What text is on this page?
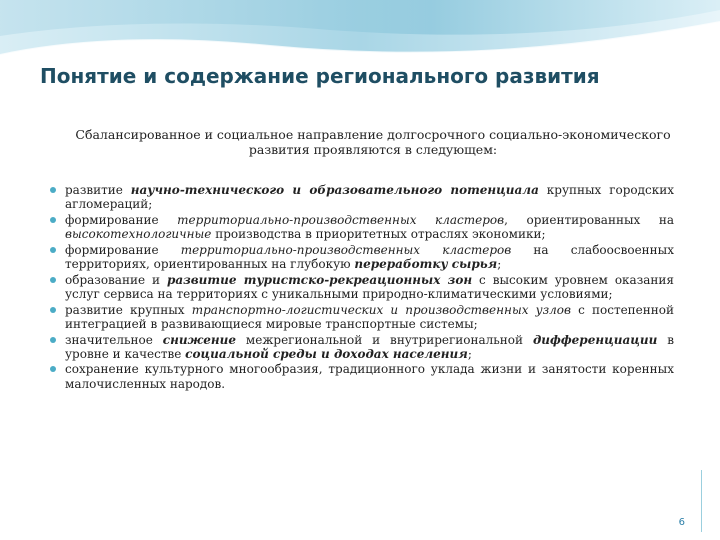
Понятие и содержание регионального развития
Сбалансированное и социальное направление долгосрочного социально-экономического развития проявляются в следующем:
развитие научно-технического и образовательного потенциала крупных городских агломераций;
формирование территориально-производственных кластеров, ориентированных на высокотехнологичные производства в приоритетных отраслях экономики;
формирование территориально-производственных кластеров на слабоосвоенных территориях, ориентированных на глубокую переработку сырья;
образование и развитие туристско-рекреационных зон с высоким уровнем оказания услуг сервиса на территориях с уникальными природно-климатическими условиями;
развитие крупных транспортно-логистических и производственных узлов с постепенной интеграцией в развивающиеся мировые транспортные системы;
значительное снижение межрегиональной и внутрирегиональной дифференциации в уровне и качестве социальной среды и доходах населения;
сохранение культурного многообразия, традиционного уклада жизни и занятости коренных малочисленных народов.
6
